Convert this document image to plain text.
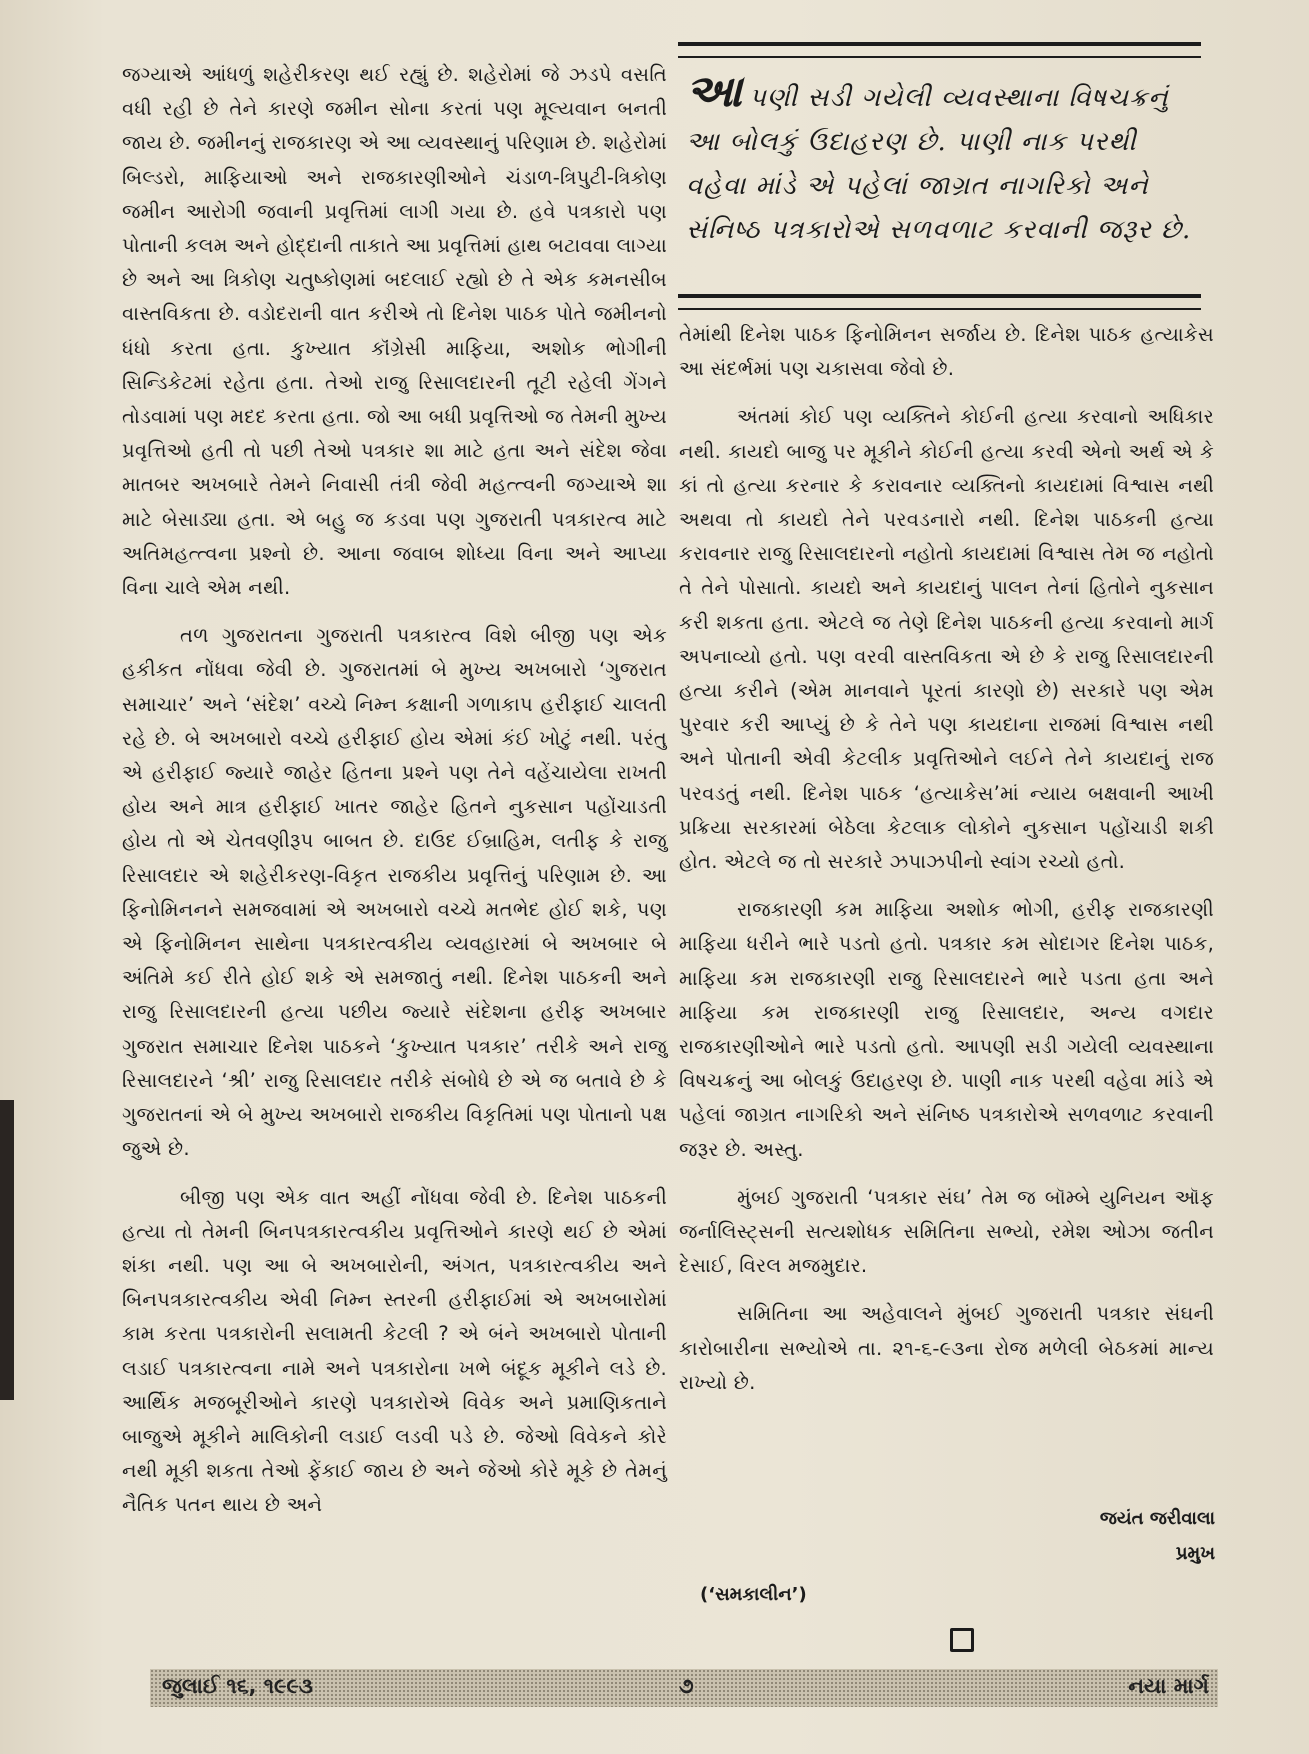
જગ્યાએ આંધળું શહેરીકરણ થઈ રહ્યું છે. શહેરોમાં જે ઝડપે વસતિ વધી રહી છે તેને કારણે જમીન સોના કરતાં પણ મૂલ્યવાન બનતી જાય છે. જમીનનું રાજકારણ એ આ વ્યવસ્થાનું પરિણામ છે. શહેરોમાં બિલ્ડરો, માફિયાઓ અને રાજકારણીઓને ચંડાળ-ત્રિપુટી-ત્રિકોણ જમીન આરોગી જવાની પ્રવૃત્તિમાં લાગી ગયા છે. હવે પત્રકારો પણ પોતાની કલમ અને હોદ્દાની તાકાતે આ પ્રવૃત્તિમાં હાથ બટાવવા લાગ્યા છે અને આ ત્રિકોણ ચતુષ્કોણમાં બદલાઈ રહ્યો છે તે એક કમનસીબ વાસ્તવિકતા છે. વડોદરાની વાત કરીએ તો દિનેશ પાઠક પોતે જમીનનો ધંધો કરતા હતા. કુખ્યાત કૉંગ્રેસી માફિયા, અશોક ભોગીની સિન્ડિકેટમાં રહેતા હતા. તેઓ રાજુ રિસાલદારની તૂટી રહેલી ગેંગને તોડવામાં પણ મદદ કરતા હતા. જો આ બધી પ્રવૃત્તિઓ જ તેમની મુખ્ય પ્રવૃત્તિઓ હતી તો પછી તેઓ પત્રકાર શા માટે હતા અને સંદેશ જેવા માતબર અખબારે તેમને નિવાસી તંત્રી જેવી મહત્ત્વની જગ્યાએ શા માટે બેસાડ્યા હતા. એ બહુ જ કડવા પણ ગુજરાતી પત્રકારત્વ માટે અતિમહત્ત્વના પ્રશ્નો છે. આના જવાબ શોધ્યા વિના અને આપ્યા વિના ચાલે એમ નથી.

તળ ગુજરાતના ગુજરાતી પત્રકારત્વ વિશે બીજી પણ એક હકીકત નોંધવા જેવી છે. ગુજરાતમાં બે મુખ્ય અખબારો ‘ગુજરાત સમાચાર’ અને ‘સંદેશ’ વચ્ચે નિમ્ન કક્ષાની ગળાકાપ હરીફાઈ ચાલતી રહે છે. બે અખબારો વચ્ચે હરીફાઈ હોય એમાં કંઈ ખોટું નથી. પરંતુ એ હરીફાઈ જ્યારે જાહેર હિતના પ્રશ્ને પણ તેને વહેંચાયેલા રાખતી હોય અને માત્ર હરીફાઈ ખાતર જાહેર હિતને નુકસાન પહોંચાડતી હોય તો એ ચેતવણીરૂપ બાબત છે. દાઉદ ઈબ્રાહિમ, લતીફ કે રાજુ રિસાલદાર એ શહેરીકરણ-વિકૃત રાજકીય પ્રવૃત્તિનું પરિણામ છે. આ ફિનોમિનનને સમજવામાં એ અખબારો વચ્ચે મતભેદ હોઈ શકે, પણ એ ફિનોમિનન સાથેના પત્રકારત્વકીય વ્યવહારમાં બે અખબાર બે અંતિમે કઈ રીતે હોઈ શકે એ સમજાતું નથી. દિનેશ પાઠકની અને રાજુ રિસાલદારની હત્યા પછીય જ્યારે સંદેશના હરીફ અખબાર ગુજરાત સમાચાર દિનેશ પાઠકને ‘કુખ્યાત પત્રકાર’ તરીકે અને રાજુ રિસાલદારને ‘શ્રી’ રાજુ રિસાલદાર તરીકે સંબોધે છે એ જ બતાવે છે કે ગુજરાતનાં એ બે મુખ્ય અખબારો રાજકીય વિકૃતિમાં પણ પોતાનો પક્ષ જુએ છે.

બીજી પણ એક વાત અહીં નોંધવા જેવી છે. દિનેશ પાઠકની હત્યા તો તેમની બિનપત્રકારત્વકીય પ્રવૃત્તિઓને કારણે થઈ છે એમાં શંકા નથી. પણ આ બે અખબારોની, અંગત, પત્રકારત્વકીય અને બિનપત્રકારત્વકીય એવી નિમ્ન સ્તરની હરીફાઈમાં એ અખબારોમાં કામ કરતા પત્રકારોની સલામતી કેટલી ? એ બંને અખબારો પોતાની લડાઈ પત્રકારત્વના નામે અને પત્રકારોના ખભે બંદૂક મૂકીને લડે છે. આર્થિક મજબૂરીઓને કારણે પત્રકારોએ વિવેક અને પ્રમાણિકતાને બાજુએ મૂકીને માલિકોની લડાઈ લડવી પડે છે. જેઓ વિવેકને કોરે નથી મૂકી શકતા તેઓ ફેંકાઈ જાય છે અને જેઓ કોરે મૂકે છે તેમનું નૈતિક પતન થાય છે અને

આપણી સડી ગયેલી વ્યવસ્થાના વિષચક્રનું આ બોલકું ઉદાહરણ છે. પાણી નાક પરથી વહેવા માંડે એ પહેલાં જાગ્રત નાગરિકો અને સંનિષ્ઠ પત્રકારોએ સળવળાટ કરવાની જરૂર છે.

તેમાંથી દિનેશ પાઠક ફિનોમિનન સર્જાય છે. દિનેશ પાઠક હત્યાકેસ આ સંદર્ભમાં પણ ચકાસવા જેવો છે.

અંતમાં કોઈ પણ વ્યક્તિને કોઈની હત્યા કરવાનો અધિકાર નથી. કાયદો બાજુ પર મૂકીને કોઈની હત્યા કરવી એનો અર્થ એ કે કાં તો હત્યા કરનાર કે કરાવનાર વ્યક્તિનો કાયદામાં વિશ્વાસ નથી અથવા તો કાયદો તેને પરવડનારો નથી. દિનેશ પાઠકની હત્યા કરાવનાર રાજુ રિસાલદારનો નહોતો કાયદામાં વિશ્વાસ તેમ જ નહોતો તે તેને પોસાતો. કાયદો અને કાયદાનું પાલન તેનાં હિતોને નુકસાન કરી શકતા હતા. એટલે જ તેણે દિનેશ પાઠકની હત્યા કરવાનો માર્ગ અપનાવ્યો હતો. પણ વરવી વાસ્તવિકતા એ છે કે રાજુ રિસાલદારની હત્યા કરીને (એમ માનવાને પૂરતાં કારણો છે) સરકારે પણ એમ પુરવાર કરી આપ્યું છે કે તેને પણ કાયદાના રાજમાં વિશ્વાસ નથી અને પોતાની એવી કેટલીક પ્રવૃત્તિઓને લઈને તેને કાયદાનું રાજ પરવડતું નથી. દિનેશ પાઠક ‘હત્યાકેસ’માં ન્યાય બક્ષવાની આખી પ્રક્રિયા સરકારમાં બેઠેલા કેટલાક લોકોને નુકસાન પહોંચાડી શકી હોત. એટલે જ તો સરકારે ઝપાઝપીનો સ્વાંગ રચ્યો હતો.

રાજકારણી કમ માફિયા અશોક ભોગી, હરીફ રાજકારણી માફિયા ધરીને ભારે પડતો હતો. પત્રકાર કમ સોદાગર દિનેશ પાઠક, માફિયા કમ રાજકારણી રાજુ રિસાલદારને ભારે પડતા હતા અને માફિયા કમ રાજકારણી રાજુ રિસાલદાર, અન્ય વગદાર રાજકારણીઓને ભારે પડતો હતો. આપણી સડી ગયેલી વ્યવસ્થાના વિષચક્રનું આ બોલકું ઉદાહરણ છે. પાણી નાક પરથી વહેવા માંડે એ પહેલાં જાગ્રત નાગરિકો અને સંનિષ્ઠ પત્રકારોએ સળવળાટ કરવાની જરૂર છે. અસ્તુ.

મુંબઈ ગુજરાતી ‘પત્રકાર સંઘ’ તેમ જ બૉમ્બે યુનિયન ઑફ જર્નાલિસ્ટ્સની સત્યશોધક સમિતિના સભ્યો, રમેશ ઓઝા જતીન દેસાઈ, વિરલ મજમુદાર.

સમિતિના આ અહેવાલને મુંબઈ ગુજરાતી પત્રકાર સંઘની કારોબારીના સભ્યોએ તા. ૨૧-૬-૯૩ના રોજ મળેલી બેઠકમાં માન્ય રાખ્યો છે.

જયંત જરીવાલા
પ્રમુખ
(‘સમકાલીન’)
જુલાઈ ૧૬, ૧૯૯૩	૭	નયા માર્ગ
